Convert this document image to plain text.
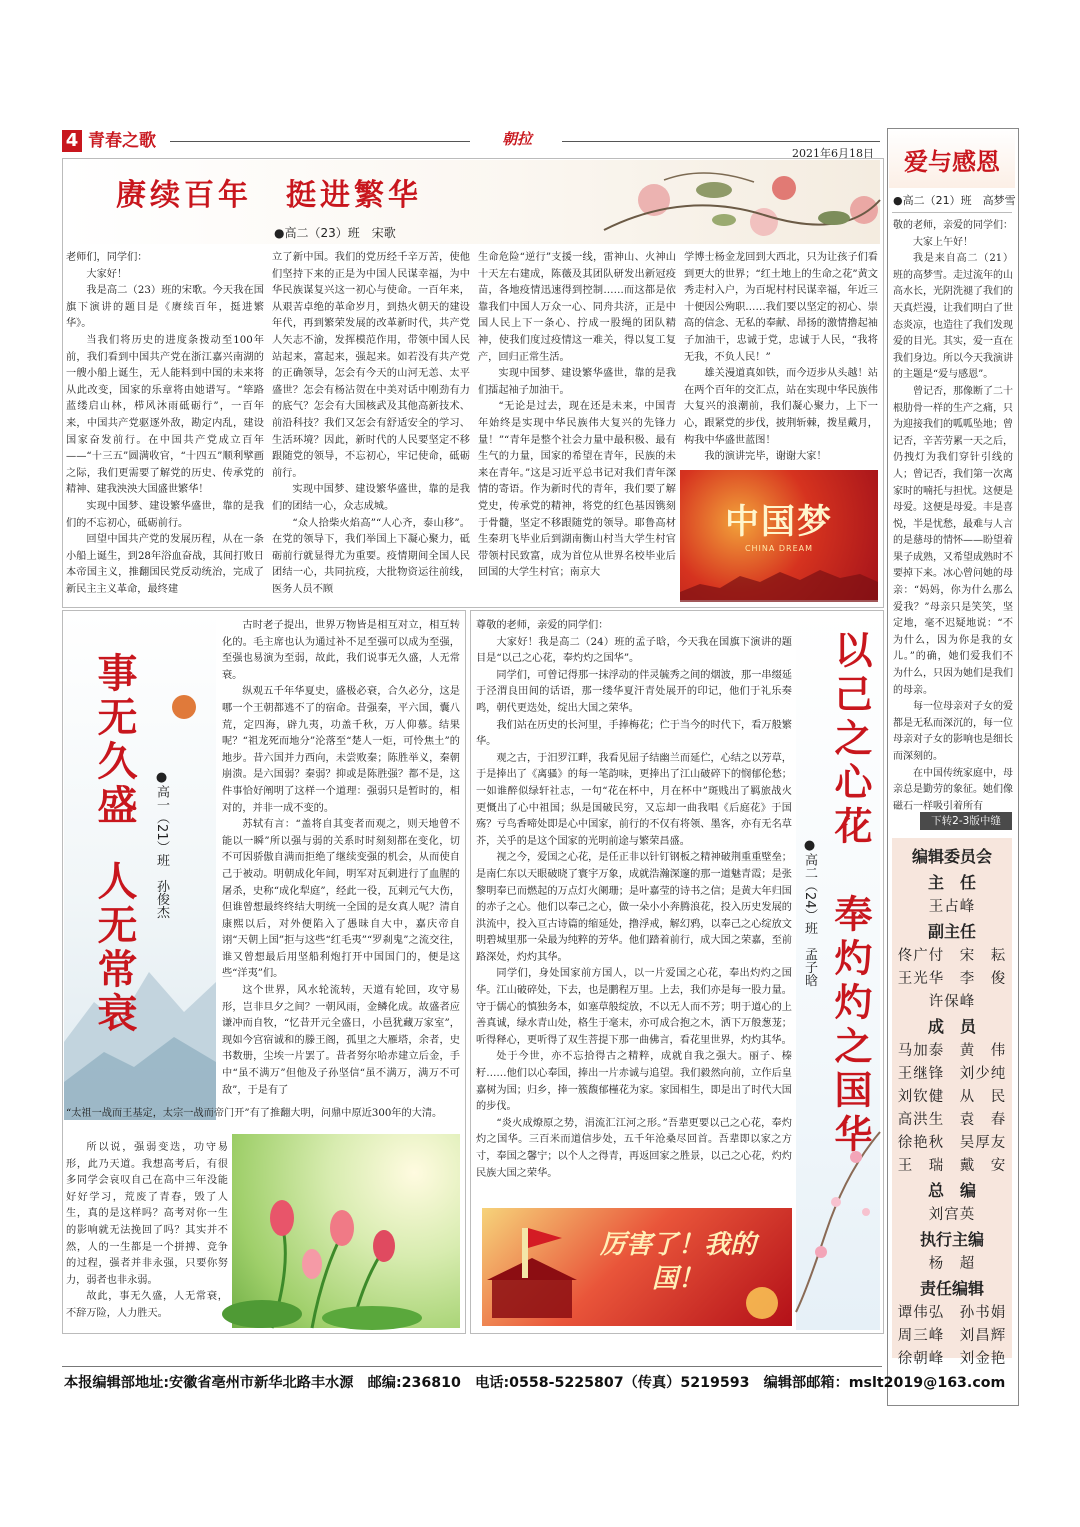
4 青春之歌	朝拉
2021年6月18日
赓续百年　挺进繁华
●高二（23）班　宋歌

老师们，同学们：

大家好！

我是高二（23）班的宋歌。今天我在国旗下演讲的题目是《赓续百年，挺进繁华》。

当我们将历史的进度条拨动至100年前，我们看到中国共产党在浙江嘉兴南湖的一艘小船上诞生，无人能料到中国的未来将从此改变，国家的乐章将由她谱写。“筚路蓝缕启山林，栉风沐雨砥砺行”，一百年来，中国共产党驱逐外敌，勘定内乱，建设国家奋发前行。在中国共产党成立百年——“十三五”圆满收官，“十四五”顺利擘画之际，我们更需要了解党的历史、传承党的精神、建我泱泱大国盛世繁华！

实现中国梦、建设繁华盛世，靠的是我们的不忘初心，砥砺前行。

回望中国共产党的发展历程，从在一条小船上诞生，到28年浴血奋战，其间打败日本帝国主义，推翻国民党反动统治，完成了新民主主义革命，最终建

立了新中国。我们的党历经千辛万苦，使他们坚持下来的正是为中国人民谋幸福，为中华民族谋复兴这一初心与使命。一百年来，从艰苦卓绝的革命岁月，到热火朝天的建设年代，再到繁荣发展的改革新时代，共产党人矢志不渝，发挥模范作用，带领中国人民站起来，富起来，强起来。如若没有共产党的正确领导，怎会有今天的山河无恙、太平盛世？怎会有杨沾贺在中美对话中刚劲有力的底气？怎会有大国核武及其他高新技术、前沿科技？我们又怎会有舒适安全的学习、生活环境？因此，新时代的人民要坚定不移跟随党的领导，不忘初心，牢记使命，砥砺前行。

实现中国梦、建设繁华盛世，靠的是我们的团结一心，众志成城。

“众人拾柴火焰高”“人心齐，泰山移”。在党的领导下，我们举国上下凝心聚力，砥砺前行就显得尤为重要。疫情期间全国人民团结一心，共同抗疫，大批物资运往前线，医务人员不顾

生命危险“逆行”支援一线，雷神山、火神山十天左右建成，陈薇及其团队研发出新冠疫苗，各地疫情迅速得到控制……而这都是依靠我们中国人万众一心、同舟共济，正是中国人民上下一条心、拧成一股绳的团队精神，使我们度过疫情这一难关，得以复工复产，回归正常生活。

实现中国梦、建设繁华盛世，靠的是我们擂起袖子加油干。

“无论是过去，现在还是未来，中国青年始终是实现中华民族伟大复兴的先锋力量！”“青年是整个社会力量中最积极、最有生气的力量，国家的希望在青年，民族的未来在青年。”这是习近平总书记对我们青年深情的寄语。作为新时代的青年，我们要了解党史，传承党的精神，将党的红色基因镌刻于骨髓，坚定不移跟随党的领导。耶鲁高材生秦玥飞毕业后到湖南衡山村当大学生村官带领村民致富，成为首位从世界名校毕业后回国的大学生村官；南京大

学博士杨金龙回到大西北，只为让孩子们看到更大的世界；“红土地上的生命之花”黄文秀走村入户，为百坭村村民谋幸福，年近三十便因公殉职……我们要以坚定的初心、崇高的信念、无私的奉献、昂扬的激情撸起袖子加油干，忠诚于党，忠诚于人民，“我将无我，不负人民！”

雄关漫道真如铁，而今迈步从头越！站在两个百年的交汇点，站在实现中华民族伟大复兴的浪潮前，我们凝心聚力，上下一心，跟紧党的步伐，披荆斩棘，拨星戴月，构我中华盛世蓝图！

我的演讲完毕，谢谢大家！

中国梦
CHINA DREAM
事无久盛
人无常衰
●高一（21）班　孙俊杰

古时老子提出，世界万物皆是相互对立，相互转化的。毛主席也认为通过补不足至强可以成为至强，至强也易演为至弱，故此，我们说事无久盛，人无常衰。

纵观五千年华夏史，盛极必衰，合久必分，这是哪一个王朝都逃不了的宿命。昔强秦，平六国，囊八荒，定四海，辟九夷，功盖千秋，万人仰慕。结果呢？“祖龙死而地分”沦落至“楚人一炬，可怜焦土”的地步。昔六国并力西向，未尝败秦；陈胜举义，秦朝崩溃。是六国弱？秦弱？抑或是陈胜强？都不是，这件事恰好阐明了这样一个道理：强弱只是暂时的，相对的，并非一成不变的。

苏轼有言：“盖将自其变者而观之，则天地曾不能以一瞬”所以强与弱的关系时时刻刻都在变化，切不可因骄傲自满而拒绝了继续变强的机会，从而使自己于被动。明朝成化年间，明军对瓦剌进行了血腥的屠杀，史称“成化犁庭”，经此一役，瓦剌元气大伤，但谁曾想最终终结大明统一全国的是女真人呢？清自康熙以后，对外便陷入了愚昧自大中，嘉庆帝自诩“天朝上国”拒与这些“红毛夷”“罗刹鬼”之流交往，谁又曾想最后用坚船利炮打开中国国门的，便是这些“洋夷”们。

这个世界，风水轮流转，天道有轮回，攻守易形，岂非旦夕之间？一朝风雨，金鳞化成。故盛者应谦冲而自牧，“忆昔开元全盛日，小邑犹藏万家室”，现如今宫宿诚和的滕王阁，孤里之大雁塔，余者，史书数册，尘埃一片罢了。昔者努尔哈赤建立后金，手中“虽不满万”但他及子孙坚信“虽不满万，满万不可敌”，于是有了

“太祖一战而王基定，太宗一战而帝门开”有了推翻大明，问鼎中原近300年的大清。

所以说，强弱变迭，功守易形，此乃天道。我想高考后，有很多同学会哀叹自己在高中三年没能好好学习，荒废了青春，毁了人生，真的是这样吗？高考对你一生的影响就无法挽回了吗？其实并不然，人的一生都是一个拼搏、竞争的过程，强者并非永强，只要你努力，弱者也非永弱。

故此，事无久盛，人无常衰，不辞万险，人力胜天。

尊敬的老师，亲爱的同学们：

大家好！我是高二（24）班的孟子晗，今天我在国旗下演讲的题目是“以己之心花，奉灼灼之国华”。

同学们，可曾记得那一抹浮动的伴灵毓秀之间的烟波，那一串缀延于泾渭良田间的话语，那一缕华夏汗青处展开的印记，他们于礼乐奏鸣，朝代更迭处，绽出大国之荣华。

我们站在历史的长河里，手捧梅花；伫于当今的时代下，看万般繁华。

观之古，于汨罗江畔，我看见屈子结幽兰而延伫，心结之以芳草，于是捧出了《离骚》的每一笔韵味，更捧出了江山破碎下的悯郁伦愁；一如谁醉似绿轩社志，一句“花在杯中，月在杯中”斑贱出了羁旅战火更慨出了心中祖国；纵是国破民穷，又忘却一曲我唱《后庭花》于国殇？亏鸟香啼处即是心中国家，前行的不仅有将领、墨客，亦有无名草芥，关乎的是这个国家的光明前途与繁荣昌盛。

视之今，爱国之心花，是任正非以针钉钢板之精神破荆重重壁垒；是南仁东以天眼破晓了寰宇万象，成就浩瀚深邃的那一道魅青霞；是张黎明奉已而燃起的万点灯火阑珊；是叶嘉莹的诗书之信；是黄大年归国的赤子之心。他们以奉己之心，做一朵小小奔腾浪花，投入历史发展的洪流中，投入亘古诗篇的缩延处，撸浮戒，解幻鸦，以奉己之心绽放文明碧城里那一朵最为纯粹的芳华。他们踏着前行，成大国之荣嘉，至前路深处，灼灼其华。

同学们，身处国家前方国人，以一片爱国之心花，奉出灼灼之国华。江山破碎处，下去，也是鹏程万里。上去，我们亦是每一股力量。守于儒心的慎独务本，如塞草般绽放，不以无人而不芳；明于道心的上善真诚，绿水青山处，格生于毫末，亦可成合抱之木，洒下万般葱茏；听得释心，更听得了双生菩提下那一曲佛言，看花里世界，灼灼其华。

处于今世，亦不忘拾得古之精粹，成就自我之强大。丽子、榛籽……他们以心奉国，捧出一片赤诚与追望。我们毅然向前，立作后皇嘉树为国；归乡，捧一簇馥郁槿花为家。家国相生，即是出了时代大国的步伐。

“炎火成燎原之势，涓流汇江河之形。”吾辈更要以己之心花，奉灼灼之国华。三百米而道信步处，五千年沧桑尽回首。吾辈即以家之方寸，奉国之馨宁；以个人之得青，再返回家之胜景，以己之心花，灼灼民族大国之荣华。

以己之心花　奉灼灼之国华
●高二（24）班　孟子晗
厉害了！我的国！
爱与感恩
●高二（21）班　高梦雪

敬的老师，亲爱的同学们：

大家上午好！

我是来自高二（21）班的高梦雪。走过流年的山高水长，光阴洗褪了我们的天真烂漫，让我们明白了世态炎凉，也造往了我们发现爱的目光。其实，爱一直在我们身边。所以今天我演讲的主题是“爱与感恩”。

曾记否，那像断了二十根肋骨一样的生产之痛，只为迎接我们的呱呱坠地；曾记否，辛苦劳累一天之后，仍拽灯为我们穿针引线的人；曾记否，我们第一次离家时的喃托与担忧。这便是母爱。这便是母爱。丰是喜悦，半是忧愁，最难与人言的是慈母的情怀——盼望着果子成熟，又希望成熟时不要掉下来。冰心曾问她的母亲：“妈妈，你为什么那么爱我？”母亲只是笑笑，坚定地，毫不迟疑地说：“不为什么，因为你是我的女儿。”的确，她们爱我们不为什么，只因为她们是我们的母亲。

每一位母亲对子女的爱都是无私而深沉的，每一位母亲对子女的影响也是细长而深刻的。

在中国传统家庭中，母亲总是勤劳的象征。她们像磁石一样吸引着所有

下转2-3版中缝
编辑委员会
主　任
王占峰
副主任
佟广付　宋　耘
王光华　李　俊
许保峰
成　员
马加泰　黄　伟
王继锋　刘少纯
刘钦健　从　民
高洪生　袁　春
徐艳秋　吴厚友
王　瑞　戴　安
总　编
刘宫英
执行主编
杨　超
责任编辑
谭伟弘　孙书娟
周三峰　刘昌辉
徐朝峰　刘金艳
本报编辑部地址:安徽省亳州市新华北路丰水源　邮编:236810　电话:0558-5225807（传真）5219593　编辑部邮箱：mslt2019@163.com
